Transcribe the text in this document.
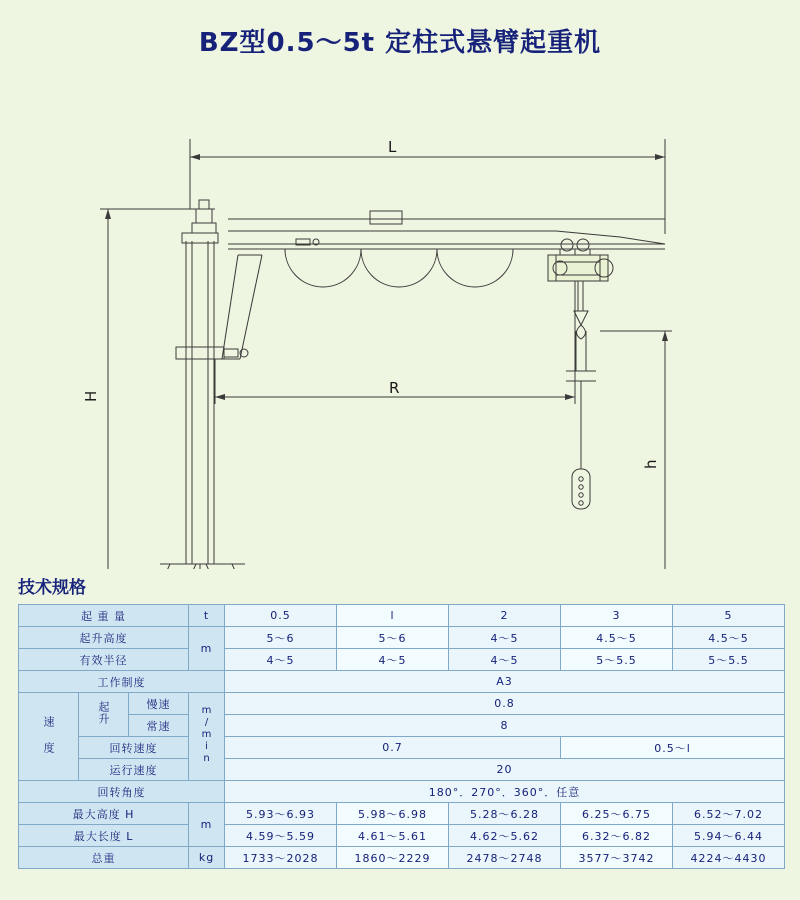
BZ型0.5～5t 定柱式悬臂起重机
L
R
H
h
技术规格
起 重 量			t	0.5	l	2	3	5
起升高度			m	5～6	5～6	4～5	4.5～5	4.5～5
有效半径				4～5	4～5	4～5	5～5.5	5～5.5
工作制度				A3				
速 度	起升	慢速	m/min	0.8				
		常速		8				
	回转速度			0.7			0.5～l	
	运行速度			20				
回转角度				180°．270°．360°．任意				
最大高度 H			m	5.93～6.93	5.98～6.98	5.28～6.28	6.25～6.75	6.52～7.02
最大长度 L				4.59～5.59	4.61～5.61	4.62～5.62	6.32～6.82	5.94～6.44
总重			kg	1733～2028	1860～2229	2478～2748	3577～3742	4224～4430
